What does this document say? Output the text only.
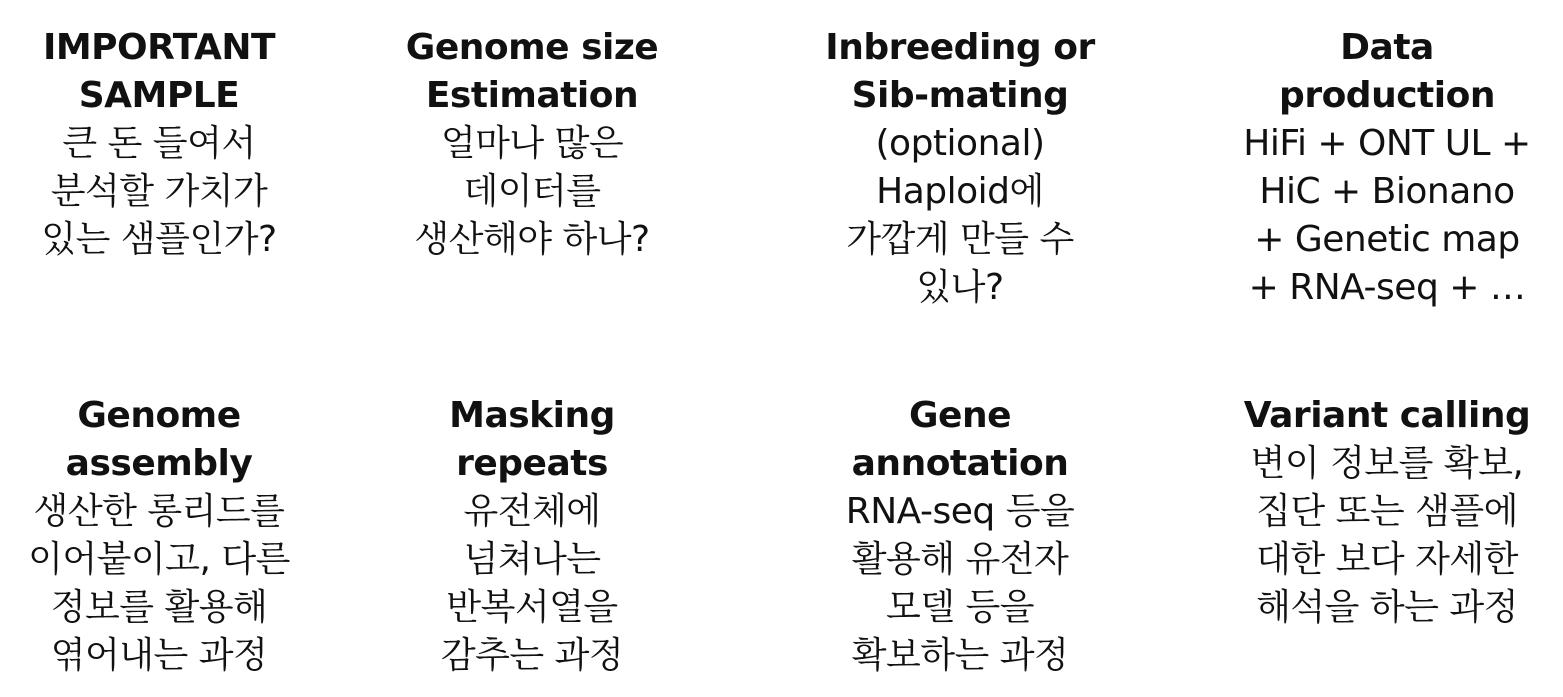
IMPORTANT
SAMPLE
큰 돈 들여서
분석할 가치가
있는 샘플인가?
Genome size
Estimation
얼마나 많은
데이터를
생산해야 하나?
Inbreeding or
Sib-mating
(optional)
Haploid에
가깝게 만들 수
있나?
Data
production
HiFi + ONT UL +
HiC + Bionano
+ Genetic map
+ RNA-seq + …
Genome
assembly
생산한 롱리드를
이어붙이고, 다른
정보를 활용해
엮어내는 과정
Masking
repeats
유전체에
넘쳐나는
반복서열을
감추는 과정
Gene
annotation
RNA-seq 등을
활용해 유전자
모델 등을
확보하는 과정
Variant calling
변이 정보를 확보,
집단 또는 샘플에
대한 보다 자세한
해석을 하는 과정
